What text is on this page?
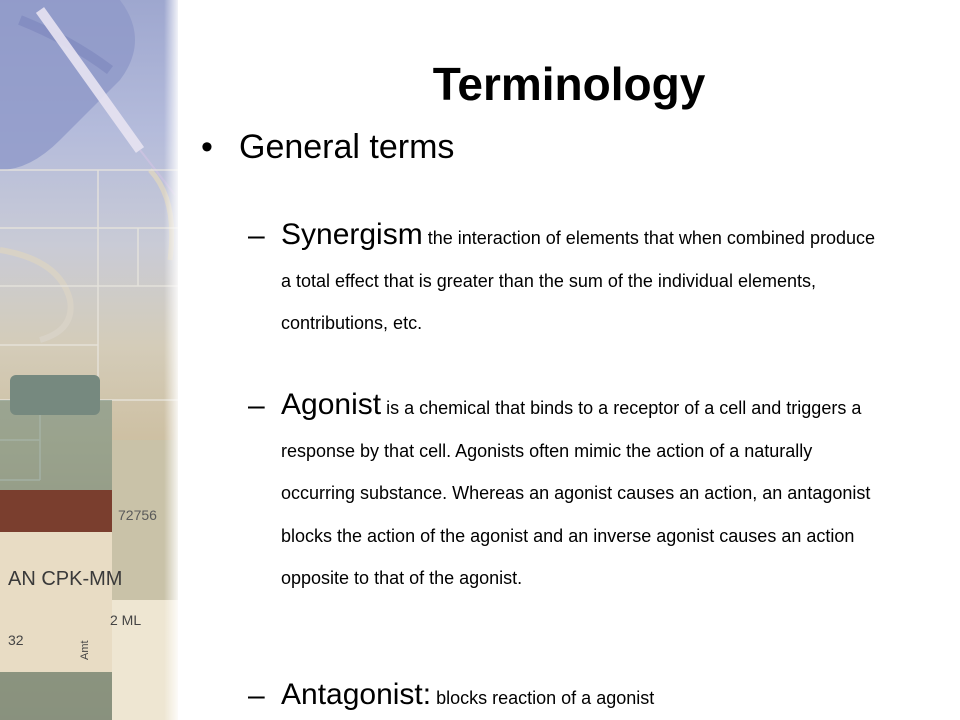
AN CPK-MM
72756
32
2 ML
Amt
Terminology
• General terms
– Synergism the interaction of elements that when combined produce a total effect that is greater than the sum of the individual elements, contributions, etc.
– Agonist is a chemical that binds to a receptor of a cell and triggers a response by that cell. Agonists often mimic the action of a naturally occurring substance. Whereas an agonist causes an action, an antagonist blocks the action of the agonist and an inverse agonist causes an action opposite to that of the agonist.
– Antagonist: blocks reaction of a agonist
